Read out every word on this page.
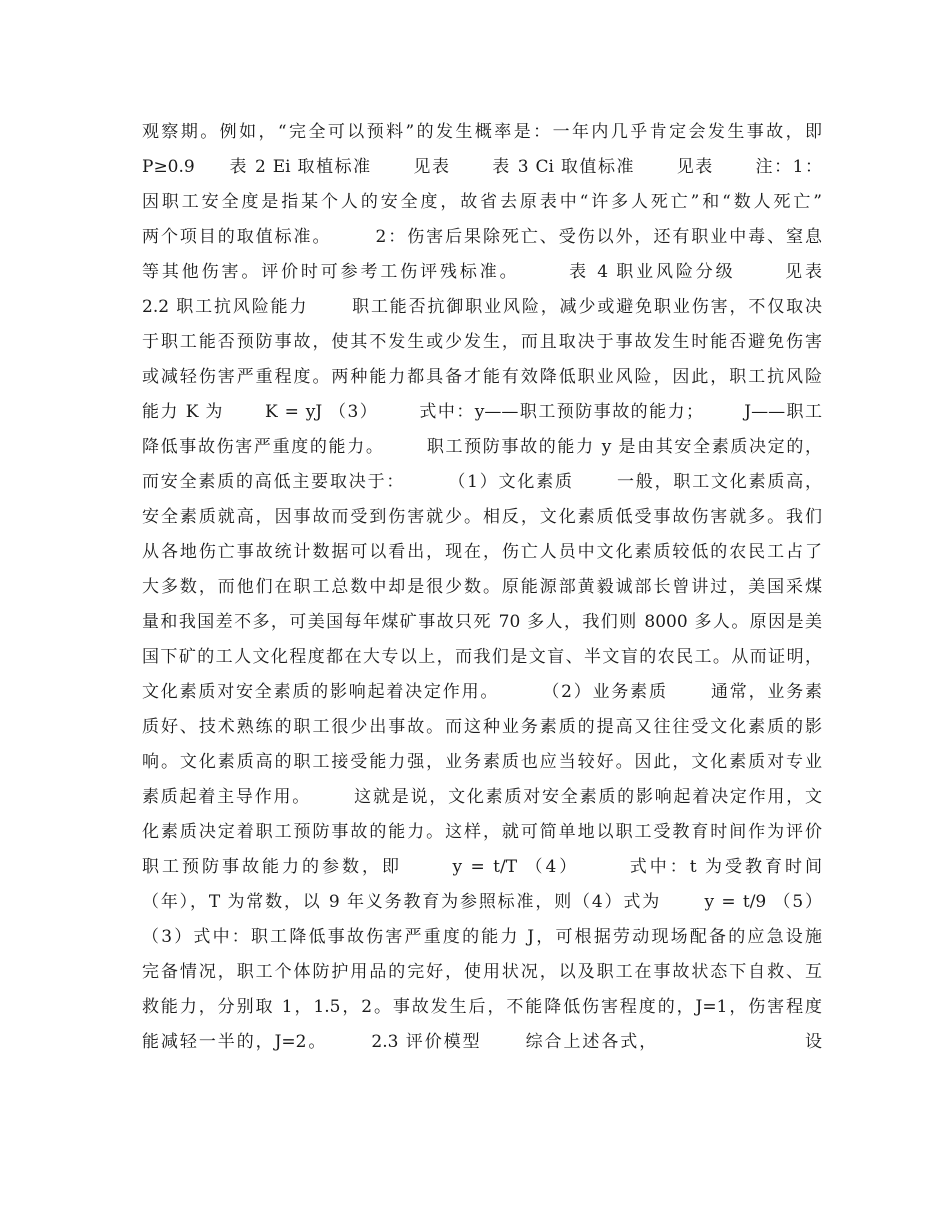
观察期。例如，“完全可以预料”的发生概率是：一年内几乎肯定会发生事故，即
P≥0.9     表 2 Ei 取植标准      见表      表 3 Ci 取值标准      见表      注：1：
因职工安全度是指某个人的安全度，故省去原表中“许多人死亡”和“数人死亡”
两个项目的取值标准。      2：伤害后果除死亡、受伤以外，还有职业中毒、窒息
等其他伤害。评价时可参考工伤评残标准。      表 4 职业风险分级      见表
2.2 职工抗风险能力      职工能否抗御职业风险，减少或避免职业伤害，不仅取决
于职工能否预防事故，使其不发生或少发生，而且取决于事故发生时能否避免伤害
或减轻伤害严重程度。两种能力都具备才能有效降低职业风险，因此，职工抗风险
能力 K 为      K = yJ （3）      式中：y——职工预防事故的能力；      J——职工
降低事故伤害严重度的能力。      职工预防事故的能力 y 是由其安全素质决定的，
而安全素质的高低主要取决于：      （1）文化素质      一般，职工文化素质高，
安全素质就高，因事故而受到伤害就少。相反，文化素质低受事故伤害就多。我们
从各地伤亡事故统计数据可以看出，现在，伤亡人员中文化素质较低的农民工占了
大多数，而他们在职工总数中却是很少数。原能源部黄毅诚部长曾讲过，美国采煤
量和我国差不多，可美国每年煤矿事故只死 70 多人，我们则 8000 多人。原因是美
国下矿的工人文化程度都在大专以上，而我们是文盲、半文盲的农民工。从而证明，
文化素质对安全素质的影响起着决定作用。      （2）业务素质      通常，业务素
质好、技术熟练的职工很少出事故。而这种业务素质的提高又往往受文化素质的影
响。文化素质高的职工接受能力强，业务素质也应当较好。因此，文化素质对专业
素质起着主导作用。      这就是说，文化素质对安全素质的影响起着决定作用，文
化素质决定着职工预防事故的能力。这样，就可简单地以职工受教育时间作为评价
职工预防事故能力的参数，即      y = t/T （4）      式中：t 为受教育时间
（年），T 为常数，以 9 年义务教育为参照标准，则（4）式为      y = t/9 （5）
（3）式中：职工降低事故伤害严重度的能力 J，可根据劳动现场配备的应急设施
完备情况，职工个体防护用品的完好，使用状况，以及职工在事故状态下自救、互
救能力，分别取 1，1.5，2。事故发生后，不能降低伤害程度的，J=1，伤害程度
能减轻一半的，J=2。      2.3 评价模型      综合上述各式，                    设
